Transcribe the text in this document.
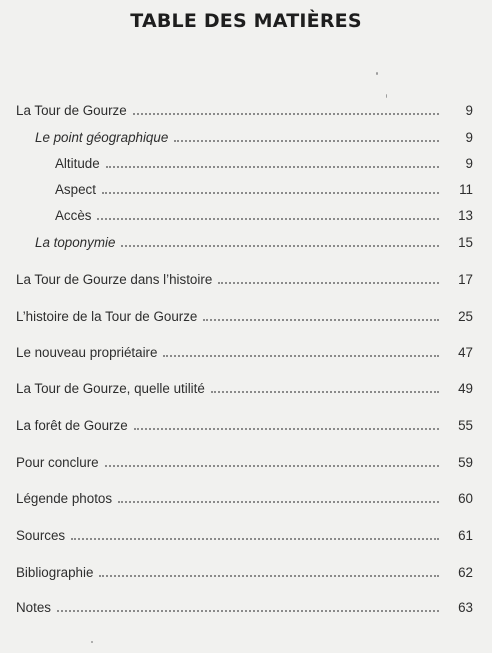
TABLE DES MATIÈRES
La Tour de Gourze	9
Le point géographique	9
Altitude	9
Aspect	11
Accès	13
La toponymie	15
La Tour de Gourze dans l’histoire	17
L’histoire de la Tour de Gourze	25
Le nouveau propriétaire	47
La Tour de Gourze, quelle utilité	49
La forêt de Gourze	55
Pour conclure	59
Légende photos	60
Sources	61
Bibliographie	62
Notes	63
